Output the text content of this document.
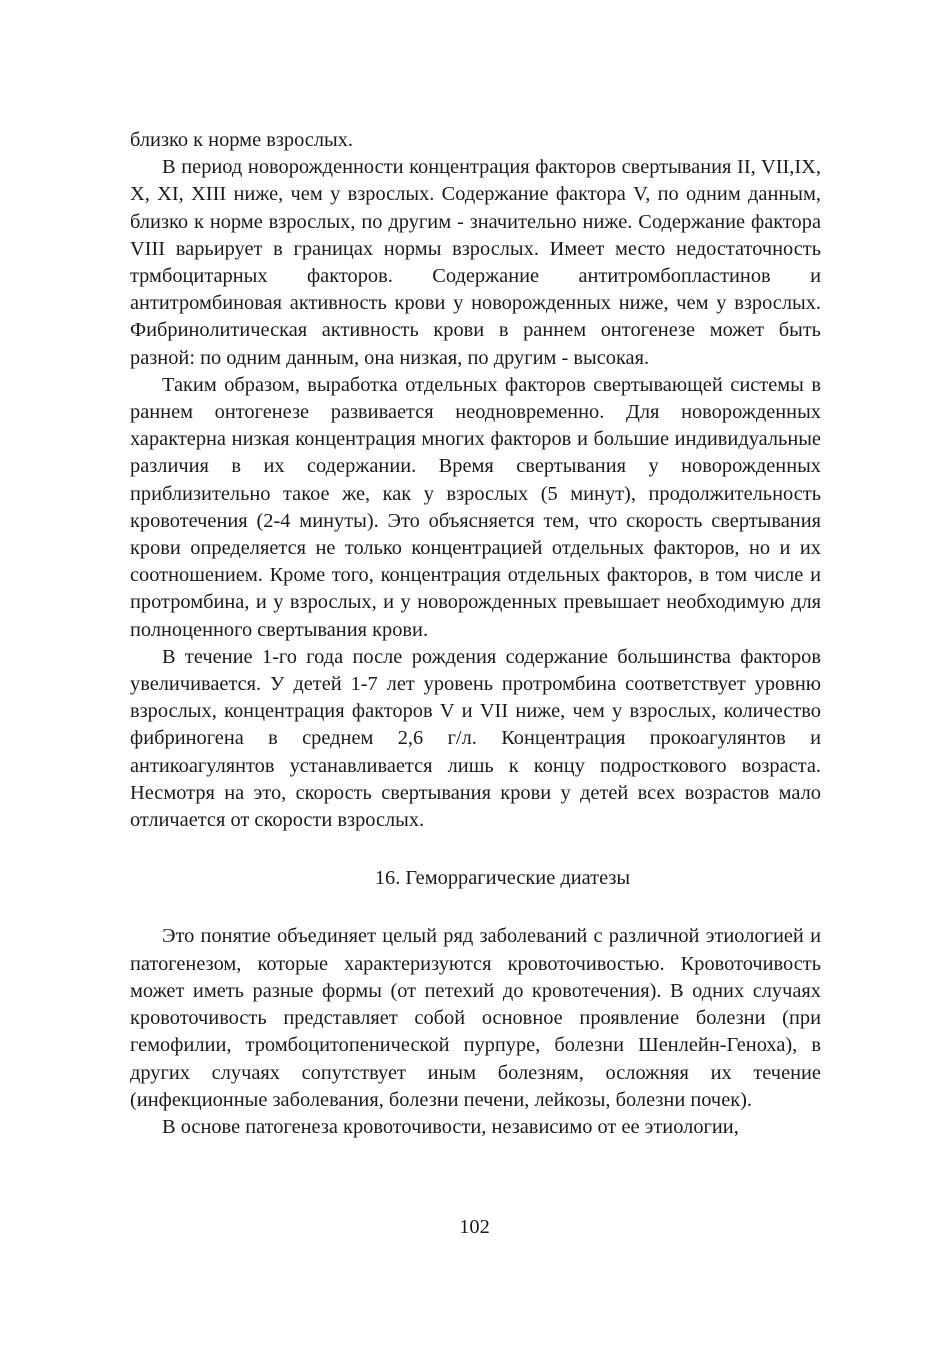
близко к норме взрослых.

В период новорожденности концентрация факторов свертывания II, VII,IX, X, XI, XIII ниже, чем у взрослых. Содержание фактора V, по одним данным, близко к норме взрослых, по другим - значительно ниже. Содержание фактора VIII варьирует в границах нормы взрослых. Имеет место недостаточность трмбоцитарных факторов. Содержание антитромбопластинов и антитромбиновая активность крови у новорожденных ниже, чем у взрослых. Фибринолитическая активность крови в раннем онтогенезе может быть разной: по одним данным, она низкая, по другим - высокая.

Таким образом, выработка отдельных факторов свертывающей системы в раннем онтогенезе развивается неодновременно. Для новорожденных характерна низкая концентрация многих факторов и большие индивидуальные различия в их содержании. Время свертывания у новорожденных приблизительно такое же, как у взрослых (5 минут), продолжительность кровотечения (2-4 минуты). Это объясняется тем, что скорость свертывания крови определяется не только концентрацией отдельных факторов, но и их соотношением. Кроме того, концентрация отдельных факторов, в том числе и протромбина, и у взрослых, и у новорожденных превышает необходимую для полноценного свертывания крови.

В течение 1-го года после рождения содержание большинства факторов увеличивается. У детей 1-7 лет уровень протромбина соответствует уровню взрослых, концентрация факторов V и VII ниже, чем у взрослых, количество фибриногена в среднем 2,6 г/л. Концентрация прокоагулянтов и антикоагулянтов устанавливается лишь к концу подросткового возраста. Несмотря на это, скорость свертывания крови у детей всех возрастов мало отличается от скорости взрослых.

16. Геморрагические диатезы

Это понятие объединяет целый ряд заболеваний с различной этиологией и патогенезом, которые характеризуются кровоточивостью. Кровоточивость может иметь разные формы (от петехий до кровотечения). В одних случаях кровоточивость представляет собой основное проявление болезни (при гемофилии, тромбоцитопенической пурпуре, болезни Шенлейн-Геноха), в других случаях сопутствует иным болезням, осложняя их течение (инфекционные заболевания, болезни печени, лейкозы, болезни почек).

В основе патогенеза кровоточивости, независимо от ее этиологии,

102
